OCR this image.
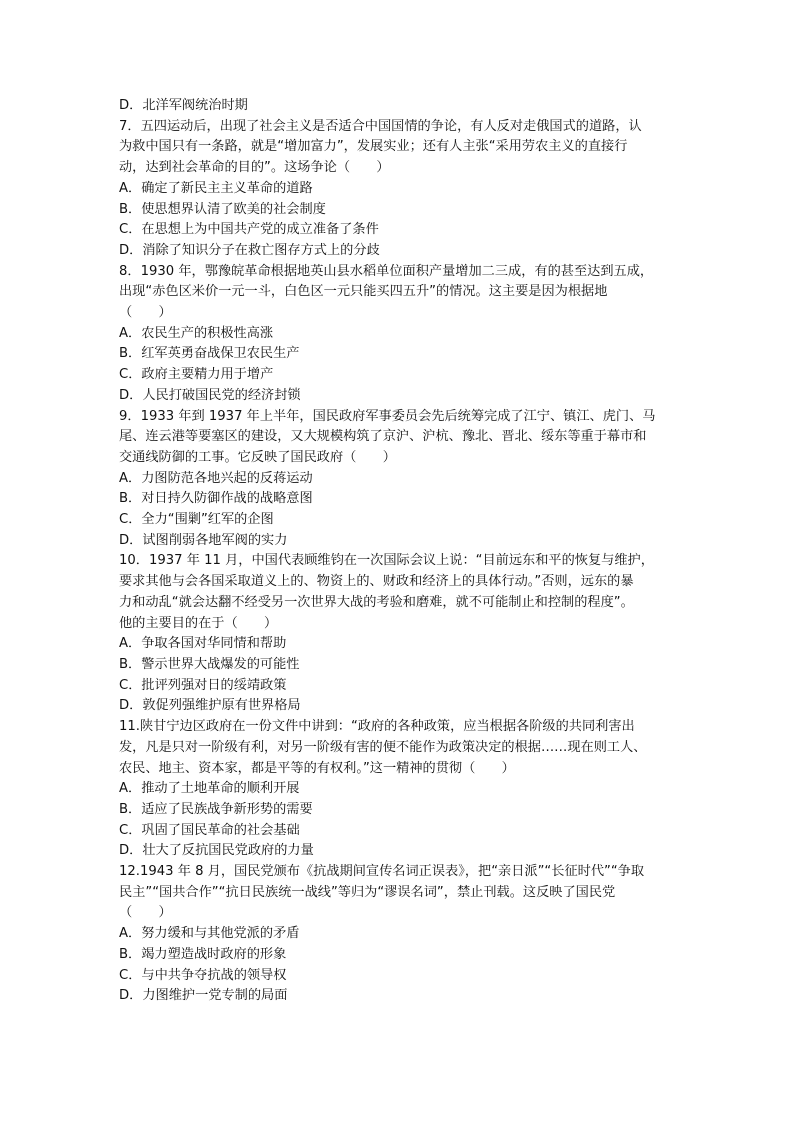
D．北洋军阀统治时期
7．五四运动后，出现了社会主义是否适合中国国情的争论，有人反对走俄国式的道路，认
为救中国只有一条路，就是“增加富力”，发展实业；还有人主张“采用劳农主义的直接行
动，达到社会革命的目的”。这场争论（　　）
A．确定了新民主主义革命的道路
B．使思想界认清了欧美的社会制度
C．在思想上为中国共产党的成立准备了条件
D．消除了知识分子在救亡图存方式上的分歧
8．1930 年，鄂豫皖革命根据地英山县水稻单位面积产量增加二三成，有的甚至达到五成，
出现“赤色区米价一元一斗，白色区一元只能买四五升”的情况。这主要是因为根据地
（　　）
A．农民生产的积极性高涨
B．红军英勇奋战保卫农民生产
C．政府主要精力用于增产
D．人民打破国民党的经济封锁
9．1933 年到 1937 年上半年，国民政府军事委员会先后统筹完成了江宁、镇江、虎门、马
尾、连云港等要塞区的建设，又大规模构筑了京沪、沪杭、豫北、晋北、绥东等重于幕市和
交通线防御的工事。它反映了国民政府（　　）
A．力图防范各地兴起的反蒋运动
B．对日持久防御作战的战略意图
C．全力“围剿”红军的企图
D．试图削弱各地军阀的实力
10．1937 年 11 月，中国代表顾维钧在一次国际会议上说：“目前远东和平的恢复与维护，
要求其他与会各国采取道义上的、物资上的、财政和经济上的具体行动。”否则，远东的暴
力和动乱“就会达翻不经受另一次世界大战的考验和磨难，就不可能制止和控制的程度”。
他的主要目的在于（　　）
A．争取各国对华同情和帮助
B．警示世界大战爆发的可能性
C．批评列强对日的绥靖政策
D．敦促列强维护原有世界格局
11.陕甘宁边区政府在一份文件中讲到：“政府的各种政策，应当根据各阶级的共同利害出
发，凡是只对一阶级有利，对另一阶级有害的便不能作为政策决定的根据……现在则工人、
农民、地主、资本家，都是平等的有权利。”这一精神的贯彻（　　）
A．推动了土地革命的顺利开展
B．适应了民族战争新形势的需要
C．巩固了国民革命的社会基础
D．壮大了反抗国民党政府的力量
12.1943 年 8 月，国民党颁布《抗战期间宣传名词正误表》，把“亲日派”“长征时代”“争取
民主”“国共合作”“抗日民族统一战线”等归为“谬误名词”，禁止刊载。这反映了国民党
（　　）
A．努力缓和与其他党派的矛盾
B．竭力塑造战时政府的形象
C．与中共争夺抗战的领导权
D．力图维护一党专制的局面
